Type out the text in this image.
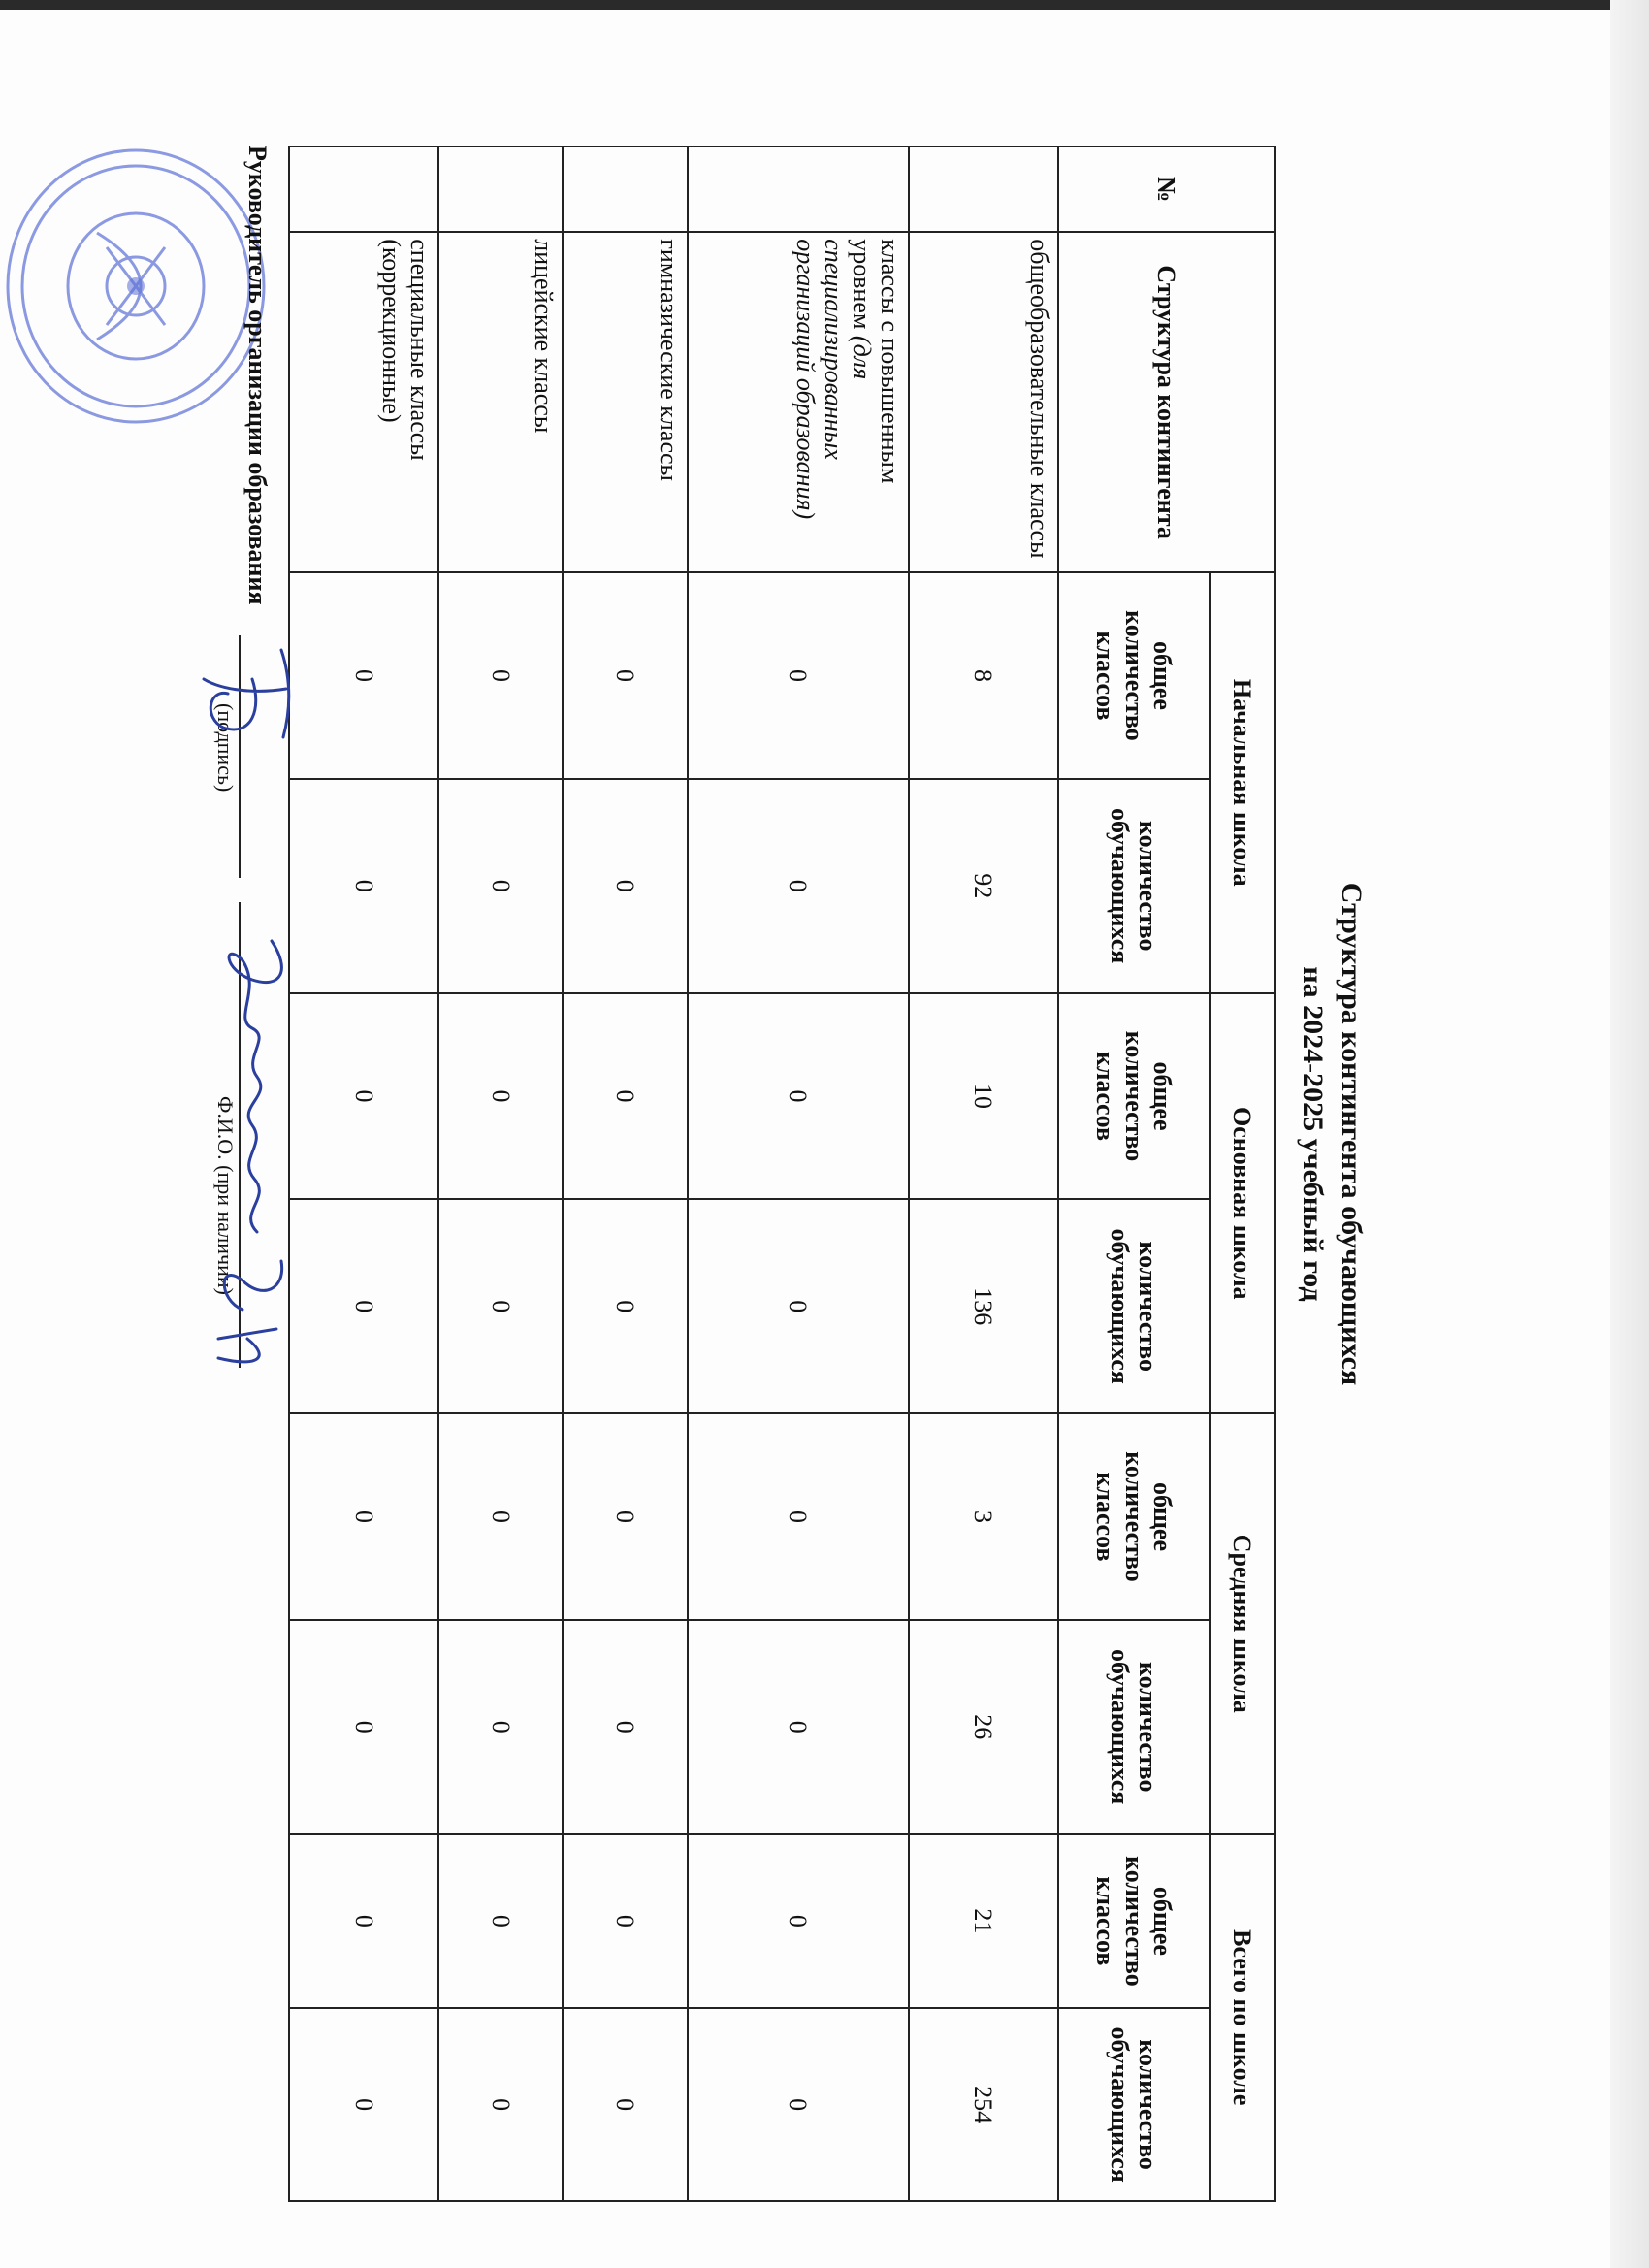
Структура контингента обучающихся
на 2024-2025 учебный год
№	Структура контингента	Начальная школа		Основная школа		Средняя школа		Всего по школе	
		общее количество классов	количество обучающихся	общее количество классов	количество обучающихся	общее количество классов	количество обучающихся	общее количество классов	количество обучающихся
	общеобразовательные классы	8	92	10	136	3	26	21	254
	классы с повышенным уровнем (для специализированных организаций образования)	0	0	0	0	0	0	0	0
	гимназические классы	0	0	0	0	0	0	0	0
	лицейские классы	0	0	0	0	0	0	0	0
	специальные классы (коррекционные)	0	0	0	0	0	0	0	0
Руководитель организации образования
(подпись)
Ф.И.О. (при наличии)
